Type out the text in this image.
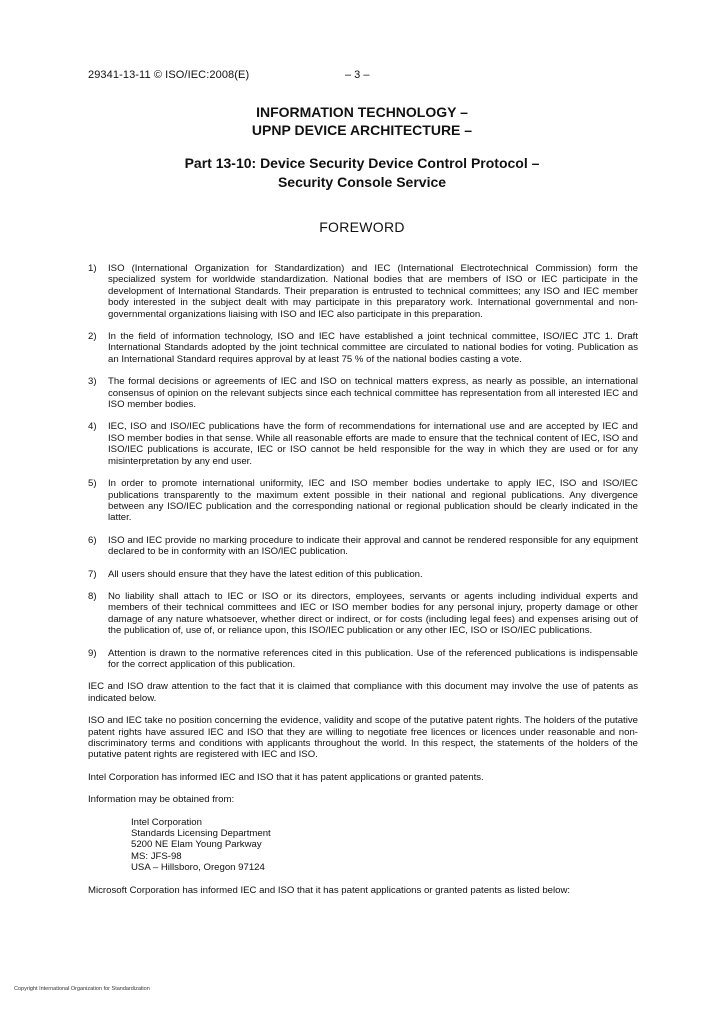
29341-13-11 © ISO/IEC:2008(E)	– 3 –
INFORMATION TECHNOLOGY –
UPNP DEVICE ARCHITECTURE –
Part 13-10: Device Security Device Control Protocol –
Security Console Service
FOREWORD
1)	ISO (International Organization for Standardization) and IEC (International Electrotechnical Commission) form the specialized system for worldwide standardization. National bodies that are members of ISO or IEC participate in the development of International Standards. Their preparation is entrusted to technical committees; any ISO and IEC member body interested in the subject dealt with may participate in this preparatory work. International governmental and non-governmental organizations liaising with ISO and IEC also participate in this preparation.
2)	In the field of information technology, ISO and IEC have established a joint technical committee, ISO/IEC JTC 1. Draft International Standards adopted by the joint technical committee are circulated to national bodies for voting. Publication as an International Standard requires approval by at least 75 % of the national bodies casting a vote.
3)	The formal decisions or agreements of IEC and ISO on technical matters express, as nearly as possible, an international consensus of opinion on the relevant subjects since each technical committee has representation from all interested IEC and ISO member bodies.
4)	IEC, ISO and ISO/IEC publications have the form of recommendations for international use and are accepted by IEC and ISO member bodies in that sense. While all reasonable efforts are made to ensure that the technical content of IEC, ISO and ISO/IEC publications is accurate, IEC or ISO cannot be held responsible for the way in which they are used or for any misinterpretation by any end user.
5)	In order to promote international uniformity, IEC and ISO member bodies undertake to apply IEC, ISO and ISO/IEC publications transparently to the maximum extent possible in their national and regional publications. Any divergence between any ISO/IEC publication and the corresponding national or regional publication should be clearly indicated in the latter.
6)	ISO and IEC provide no marking procedure to indicate their approval and cannot be rendered responsible for any equipment declared to be in conformity with an ISO/IEC publication.
7)	All users should ensure that they have the latest edition of this publication.
8)	No liability shall attach to IEC or ISO or its directors, employees, servants or agents including individual experts and members of their technical committees and IEC or ISO member bodies for any personal injury, property damage or other damage of any nature whatsoever, whether direct or indirect, or for costs (including legal fees) and expenses arising out of the publication of, use of, or reliance upon, this ISO/IEC publication or any other IEC, ISO or ISO/IEC publications.
9)	Attention is drawn to the normative references cited in this publication. Use of the referenced publications is indispensable for the correct application of this publication.
IEC and ISO draw attention to the fact that it is claimed that compliance with this document may involve the use of patents as indicated below.
ISO and IEC take no position concerning the evidence, validity and scope of the putative patent rights. The holders of the putative patent rights have assured IEC and ISO that they are willing to negotiate free licences or licences under reasonable and non-discriminatory terms and conditions with applicants throughout the world. In this respect, the statements of the holders of the putative patent rights are registered with IEC and ISO.
Intel Corporation has informed IEC and ISO that it has patent applications or granted patents.
Information may be obtained from:
Intel Corporation
Standards Licensing Department
5200 NE Elam Young Parkway
MS: JFS-98
USA – Hillsboro, Oregon 97124
Microsoft Corporation has informed IEC and ISO that it has patent applications or granted patents as listed below:
Copyright International Organization for Standardization
